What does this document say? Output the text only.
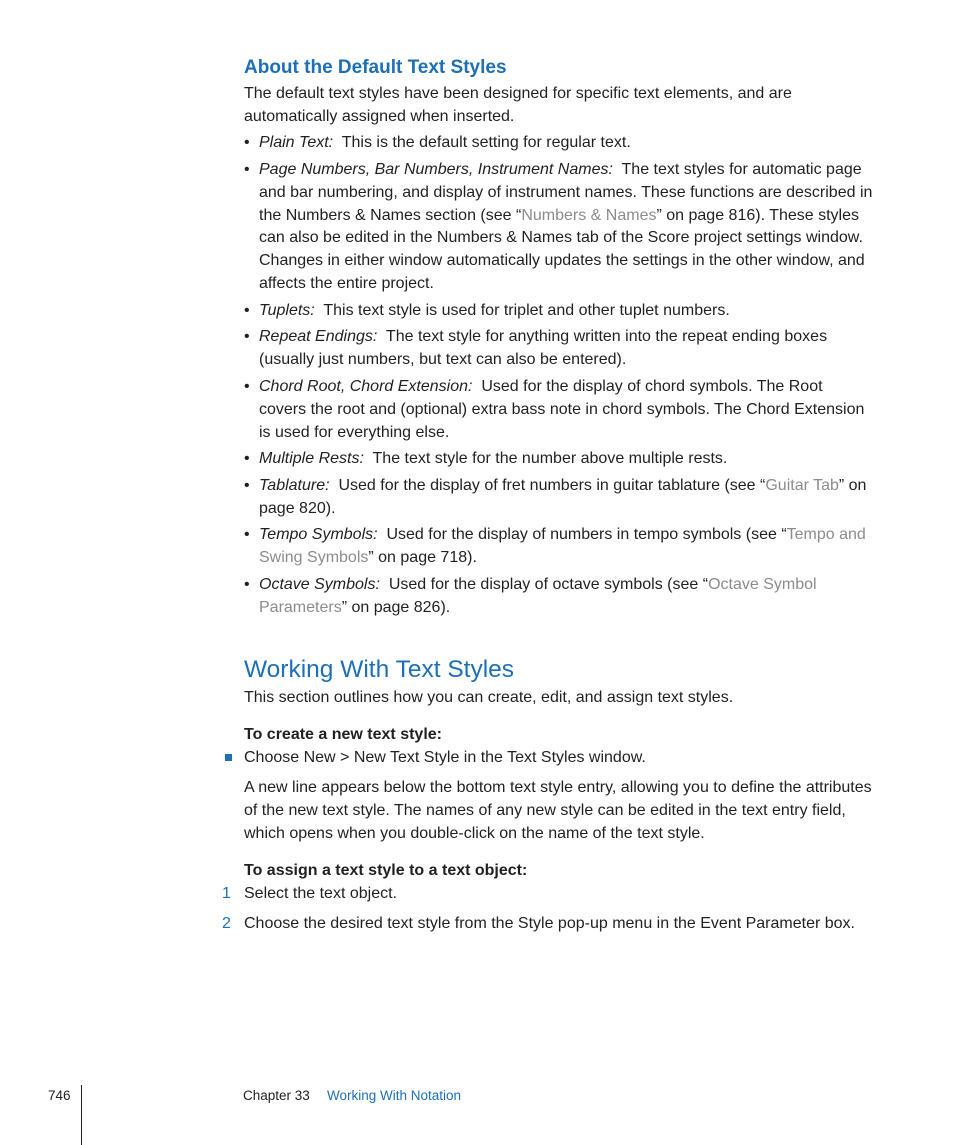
About the Default Text Styles
The default text styles have been designed for specific text elements, and are automatically assigned when inserted.
• Plain Text: This is the default setting for regular text.
• Page Numbers, Bar Numbers, Instrument Names: The text styles for automatic page and bar numbering, and display of instrument names. These functions are described in the Numbers & Names section (see “Numbers & Names” on page 816). These styles can also be edited in the Numbers & Names tab of the Score project settings window. Changes in either window automatically updates the settings in the other window, and affects the entire project.
• Tuplets: This text style is used for triplet and other tuplet numbers.
• Repeat Endings: The text style for anything written into the repeat ending boxes (usually just numbers, but text can also be entered).
• Chord Root, Chord Extension: Used for the display of chord symbols. The Root covers the root and (optional) extra bass note in chord symbols. The Chord Extension is used for everything else.
• Multiple Rests: The text style for the number above multiple rests.
• Tablature: Used for the display of fret numbers in guitar tablature (see “Guitar Tab” on page 820).
• Tempo Symbols: Used for the display of numbers in tempo symbols (see “Tempo and Swing Symbols” on page 718).
• Octave Symbols: Used for the display of octave symbols (see “Octave Symbol Parameters” on page 826).
Working With Text Styles
This section outlines how you can create, edit, and assign text styles.
To create a new text style:
Choose New > New Text Style in the Text Styles window.
A new line appears below the bottom text style entry, allowing you to define the attributes of the new text style. The names of any new style can be edited in the text entry field, which opens when you double-click on the name of the text style.
To assign a text style to a text object:
1 Select the text object.
2 Choose the desired text style from the Style pop-up menu in the Event Parameter box.
746	Chapter 33 Working With Notation
